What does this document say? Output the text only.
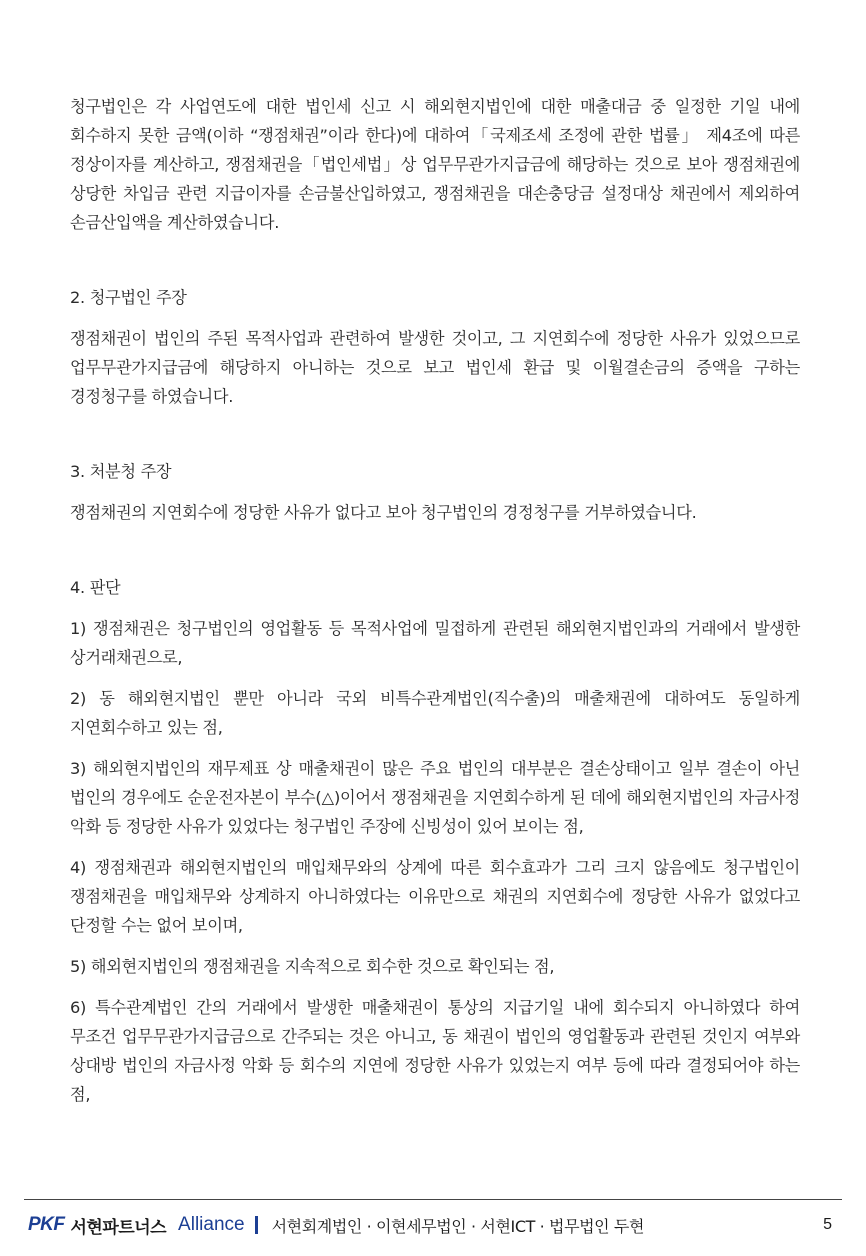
청구법인은 각 사업연도에 대한 법인세 신고 시 해외현지법인에 대한 매출대금 중 일정한 기일 내에 회수하지 못한 금액(이하 “쟁점채권”이라 한다)에 대하여「국제조세 조정에 관한 법률」 제4조에 따른 정상이자를 계산하고, 쟁점채권을「법인세법」상 업무무관가지급금에 해당하는 것으로 보아 쟁점채권에 상당한 차입금 관련 지급이자를 손금불산입하였고, 쟁점채권을 대손충당금 설정대상 채권에서 제외하여 손금산입액을 계산하였습니다.

2. 청구법인 주장

쟁점채권이 법인의 주된 목적사업과 관련하여 발생한 것이고, 그 지연회수에 정당한 사유가 있었으므로 업무무관가지급금에 해당하지 아니하는 것으로 보고 법인세 환급 및 이월결손금의 증액을 구하는 경정청구를 하였습니다.

3. 처분청 주장

쟁점채권의 지연회수에 정당한 사유가 없다고 보아 청구법인의 경정청구를 거부하였습니다.

4. 판단

1) 쟁점채권은 청구법인의 영업활동 등 목적사업에 밀접하게 관련된 해외현지법인과의 거래에서 발생한 상거래채권으로,

2) 동 해외현지법인 뿐만 아니라 국외 비특수관계법인(직수출)의 매출채권에 대하여도 동일하게 지연회수하고 있는 점,

3) 해외현지법인의 재무제표 상 매출채권이 많은 주요 법인의 대부분은 결손상태이고 일부 결손이 아닌 법인의 경우에도 순운전자본이 부수(△)이어서 쟁점채권을 지연회수하게 된 데에 해외현지법인의 자금사정 악화 등 정당한 사유가 있었다는 청구법인 주장에 신빙성이 있어 보이는 점,

4) 쟁점채권과 해외현지법인의 매입채무와의 상계에 따른 회수효과가 그리 크지 않음에도 청구법인이 쟁점채권을 매입채무와 상계하지 아니하였다는 이유만으로 채권의 지연회수에 정당한 사유가 없었다고 단정할 수는 없어 보이며,

5) 해외현지법인의 쟁점채권을 지속적으로 회수한 것으로 확인되는 점,

6) 특수관계법인 간의 거래에서 발생한 매출채권이 통상의 지급기일 내에 회수되지 아니하였다 하여 무조건 업무무관가지급금으로 간주되는 것은 아니고, 동 채권이 법인의 영업활동과 관련된 것인지 여부와 상대방 법인의 자금사정 악화 등 회수의 지연에 정당한 사유가 있었는지 여부 등에 따라 결정되어야 하는 점,

PKF 서현파트너스 Alliance 서현회계법인 · 이현세무법인 · 서현ICT · 법무법인 두현	5
